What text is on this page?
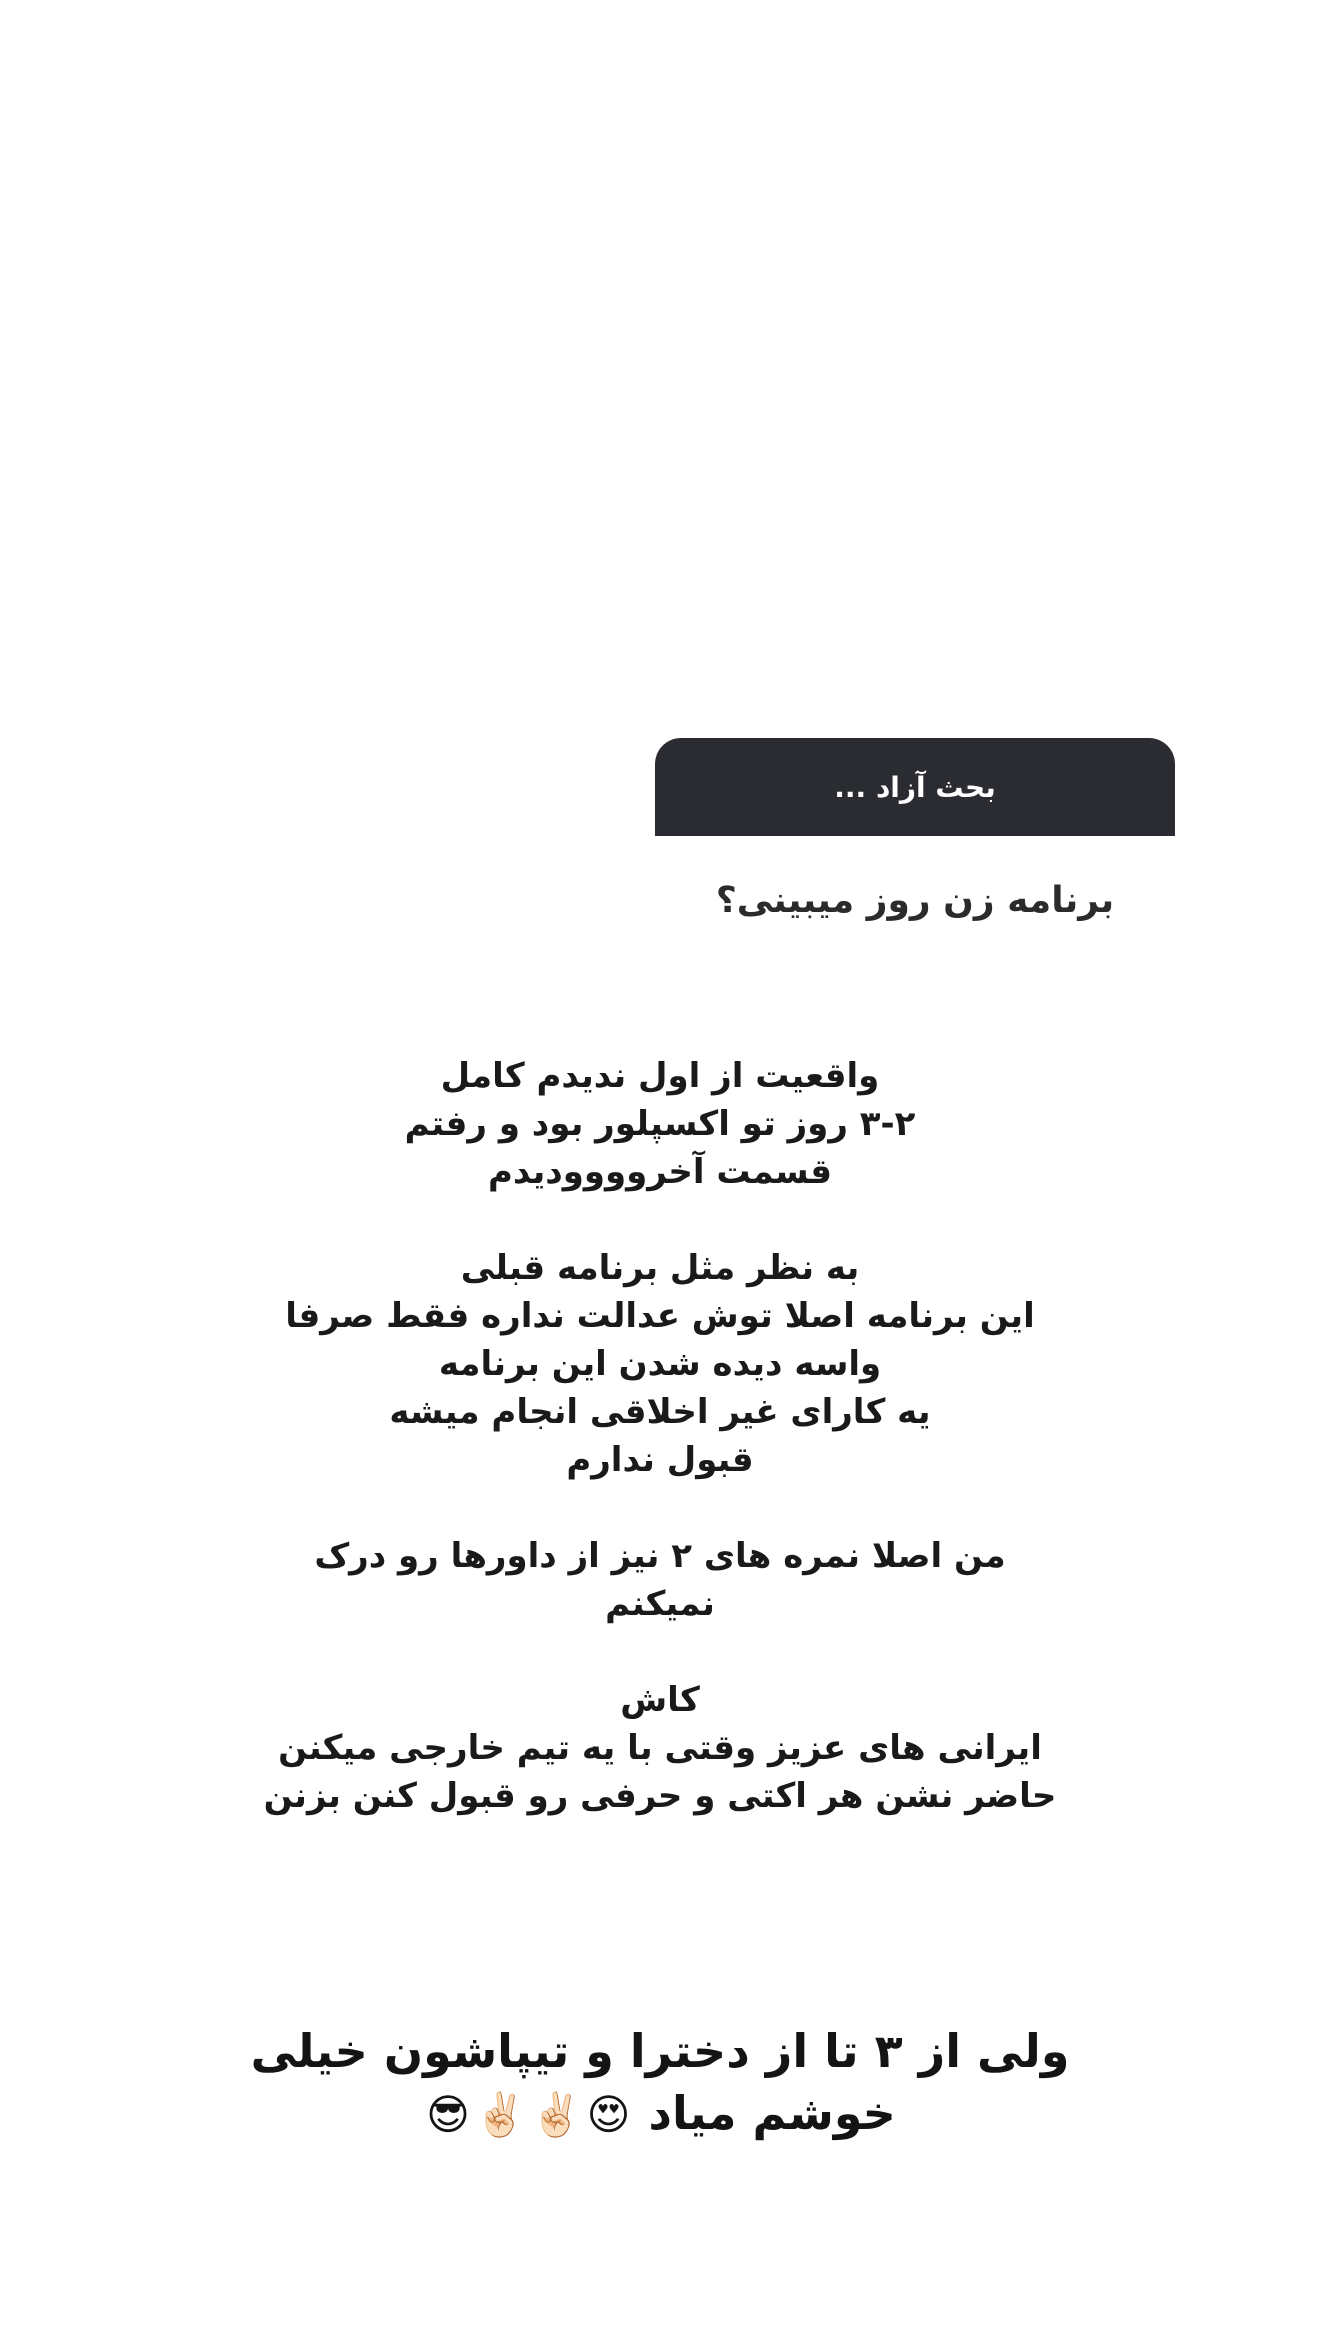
بحث آزاد ...
برنامه زن روز میبینی؟
واقعیت از اول ندیدم کامل
۳-۲ روز تو اکسپلور بود و رفتم
قسمت آخروووودیدم
به نظر مثل برنامه قبلی
این برنامه اصلا توش عدالت نداره فقط صرفا
واسه دیده شدن این برنامه
یه کارای غیر اخلاقی انجام میشه
قبول ندارم
من اصلا نمره های ۲ نیز از داورها رو درک
نمیکنم
کاش
ایرانی های عزیز وقتی با یه تیم خارجی میکنن
حاضر نشن هر اکتی و حرفی رو قبول کنن بزنن
ولی از ۳ تا از دخترا و تیپاشون خیلی
خوشم میاد 😍✌🏻✌🏻😎
